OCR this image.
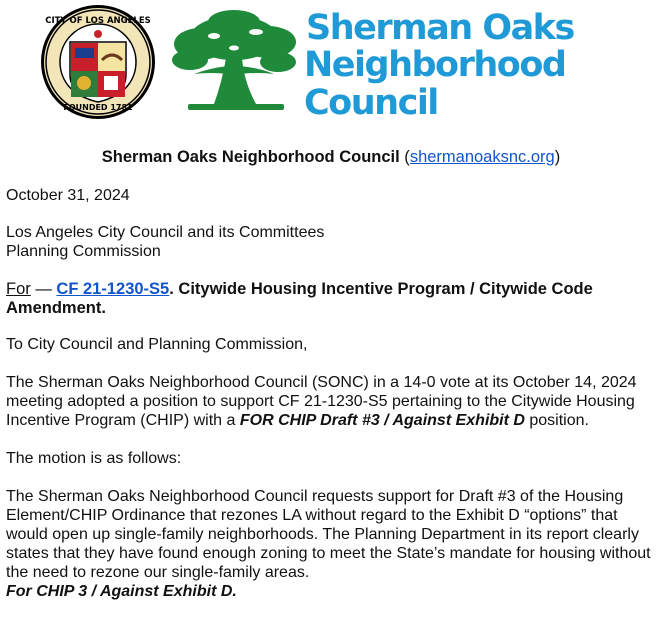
CITY OF LOS ANGELES
FOUNDED 1781
Sherman Oaks
Neighborhood Council

Sherman Oaks Neighborhood Council (shermanoaksnc.org)

October 31, 2024

Los Angeles City Council and its Committees

Planning Commission

For — CF 21-1230-S5. Citywide Housing Incentive Program / Citywide Code Amendment.

To City Council and Planning Commission,

The Sherman Oaks Neighborhood Council (SONC) in a 14-0 vote at its October 14, 2024 meeting adopted a position to support CF 21-1230-S5 pertaining to the Citywide Housing Incentive Program (CHIP) with a FOR CHIP Draft #3 / Against Exhibit D position.

The motion is as follows:

The Sherman Oaks Neighborhood Council requests support for Draft #3 of the Housing Element/CHIP Ordinance that rezones LA without regard to the Exhibit D “options” that would open up single-family neighborhoods. The Planning Department in its report clearly states that they have found enough zoning to meet the State’s mandate for housing without the need to rezone our single-family areas.

For CHIP 3 / Against Exhibit D.
